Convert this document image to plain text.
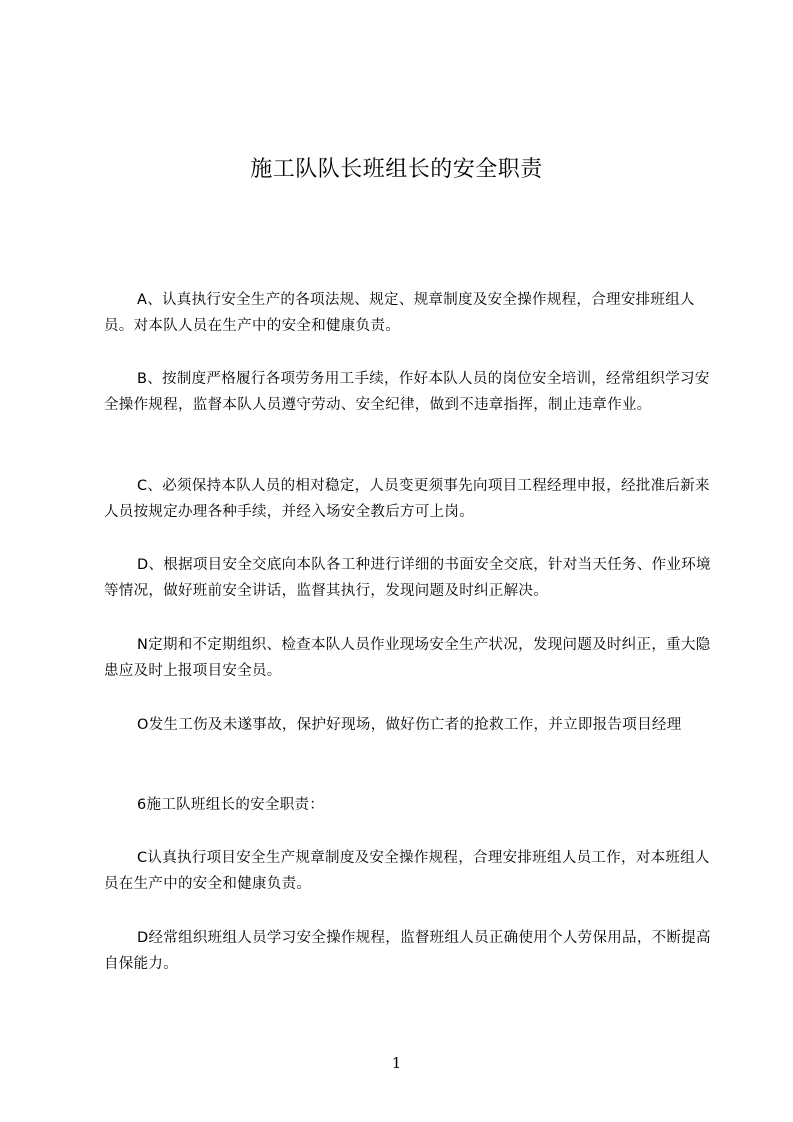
施工队队长班组长的安全职责

A、认真执行安全生产的各项法规、规定、规章制度及安全操作规程，合理安排班组人员。对本队人员在生产中的安全和健康负责。

B、按制度严格履行各项劳务用工手续，作好本队人员的岗位安全培训，经常组织学习安全操作规程，监督本队人员遵守劳动、安全纪律，做到不违章指挥，制止违章作业。

C、必须保持本队人员的相对稳定，人员变更须事先向项目工程经理申报，经批准后新来人员按规定办理各种手续，并经入场安全教后方可上岗。

D、根据项目安全交底向本队各工种进行详细的书面安全交底，针对当天任务、作业环境等情况，做好班前安全讲话，监督其执行，发现问题及时纠正解决。

N定期和不定期组织、检查本队人员作业现场安全生产状况，发现问题及时纠正，重大隐患应及时上报项目安全员。

O发生工伤及未遂事故，保护好现场，做好伤亡者的抢救工作，并立即报告项目经理

6施工队班组长的安全职责：

C认真执行项目安全生产规章制度及安全操作规程，合理安排班组人员工作，对本班组人员在生产中的安全和健康负责。

D经常组织班组人员学习安全操作规程，监督班组人员正确使用个人劳保用品，不断提高自保能力。

1
